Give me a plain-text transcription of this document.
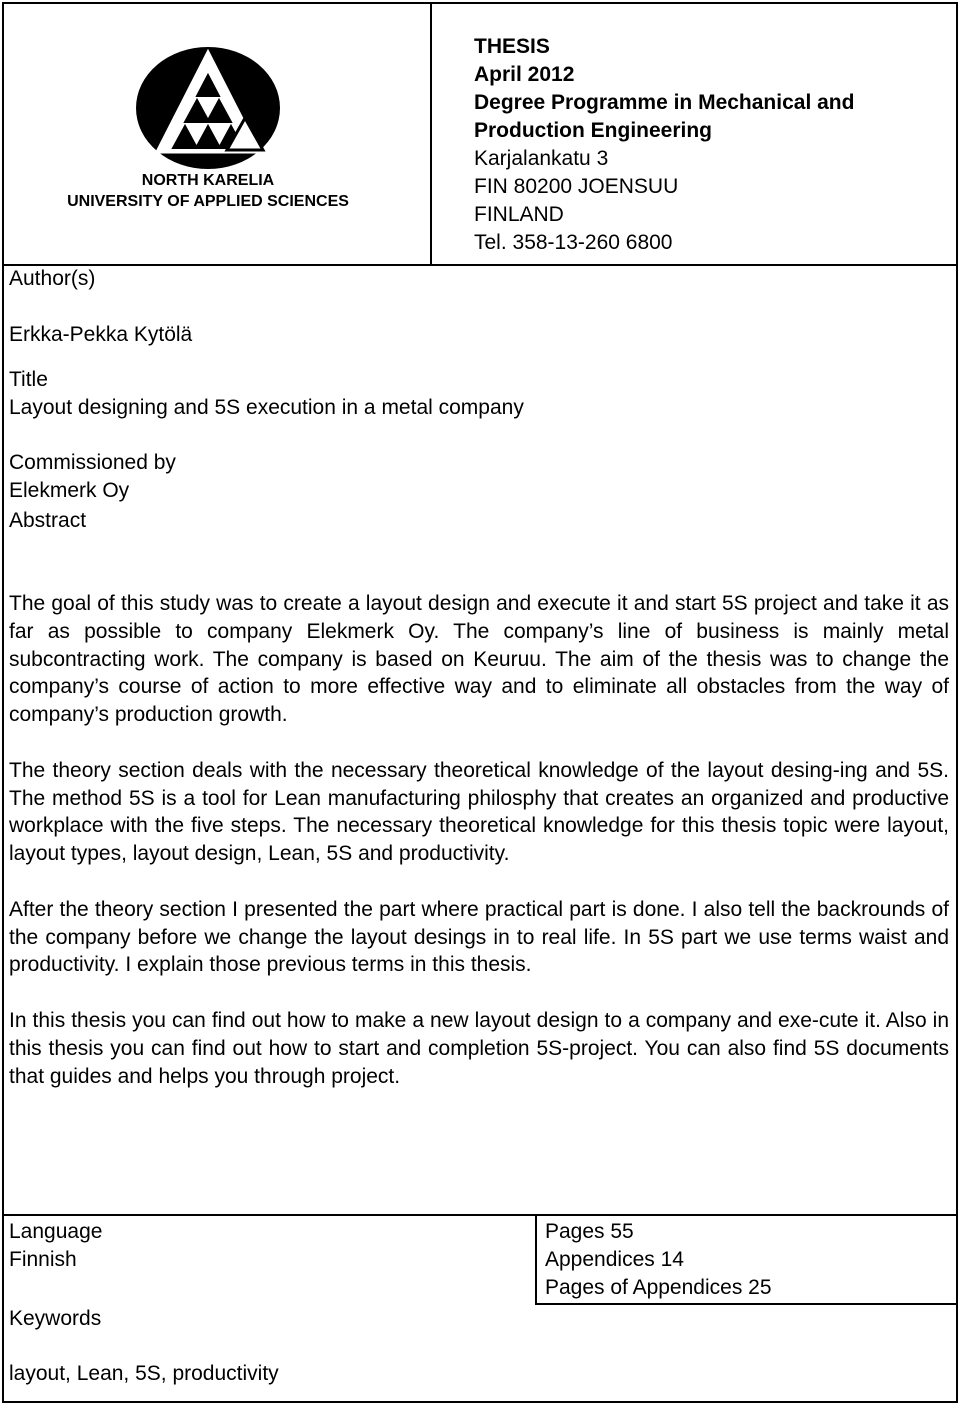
NORTH KARELIA
UNIVERSITY OF APPLIED SCIENCES
THESIS
April 2012
Degree Programme in Mechanical and
Production Engineering
Karjalankatu 3
FIN 80200 JOENSUU
FINLAND
Tel. 358-13-260 6800
Author(s)
Erkka-Pekka Kytölä
Title
Layout designing and 5S execution in a metal company
Commissioned by
Elekmerk Oy
Abstract

The goal of this study was to create a layout design and execute it and start 5S project and take it as far as possible to company Elekmerk Oy. The company’s line of business is mainly metal subcontracting work. The company is based on Keuruu. The aim of the thesis was to change the company’s course of action to more effective way and to eliminate all obstacles from the way of company’s production growth.

The theory section deals with the necessary theoretical knowledge of the layout desing-ing and 5S. The method 5S is a tool for Lean manufacturing philosphy that creates an organized and productive workplace with the five steps. The necessary theoretical knowledge for this thesis topic were layout, layout types, layout design, Lean, 5S and productivity.

After the theory section I presented the part where practical part is done. I also tell the backrounds of the company before we change the layout desings in to real life. In 5S part we use terms waist and productivity. I explain those previous terms in this thesis.

In this thesis you can find out how to make a new layout design to a company and exe-cute it. Also in this thesis you can find out how to start and completion 5S-project. You can also find 5S documents that guides and helps you through project.

Language
Finnish
Pages 55
Appendices 14
Pages of Appendices 25
Keywords
layout, Lean, 5S, productivity
